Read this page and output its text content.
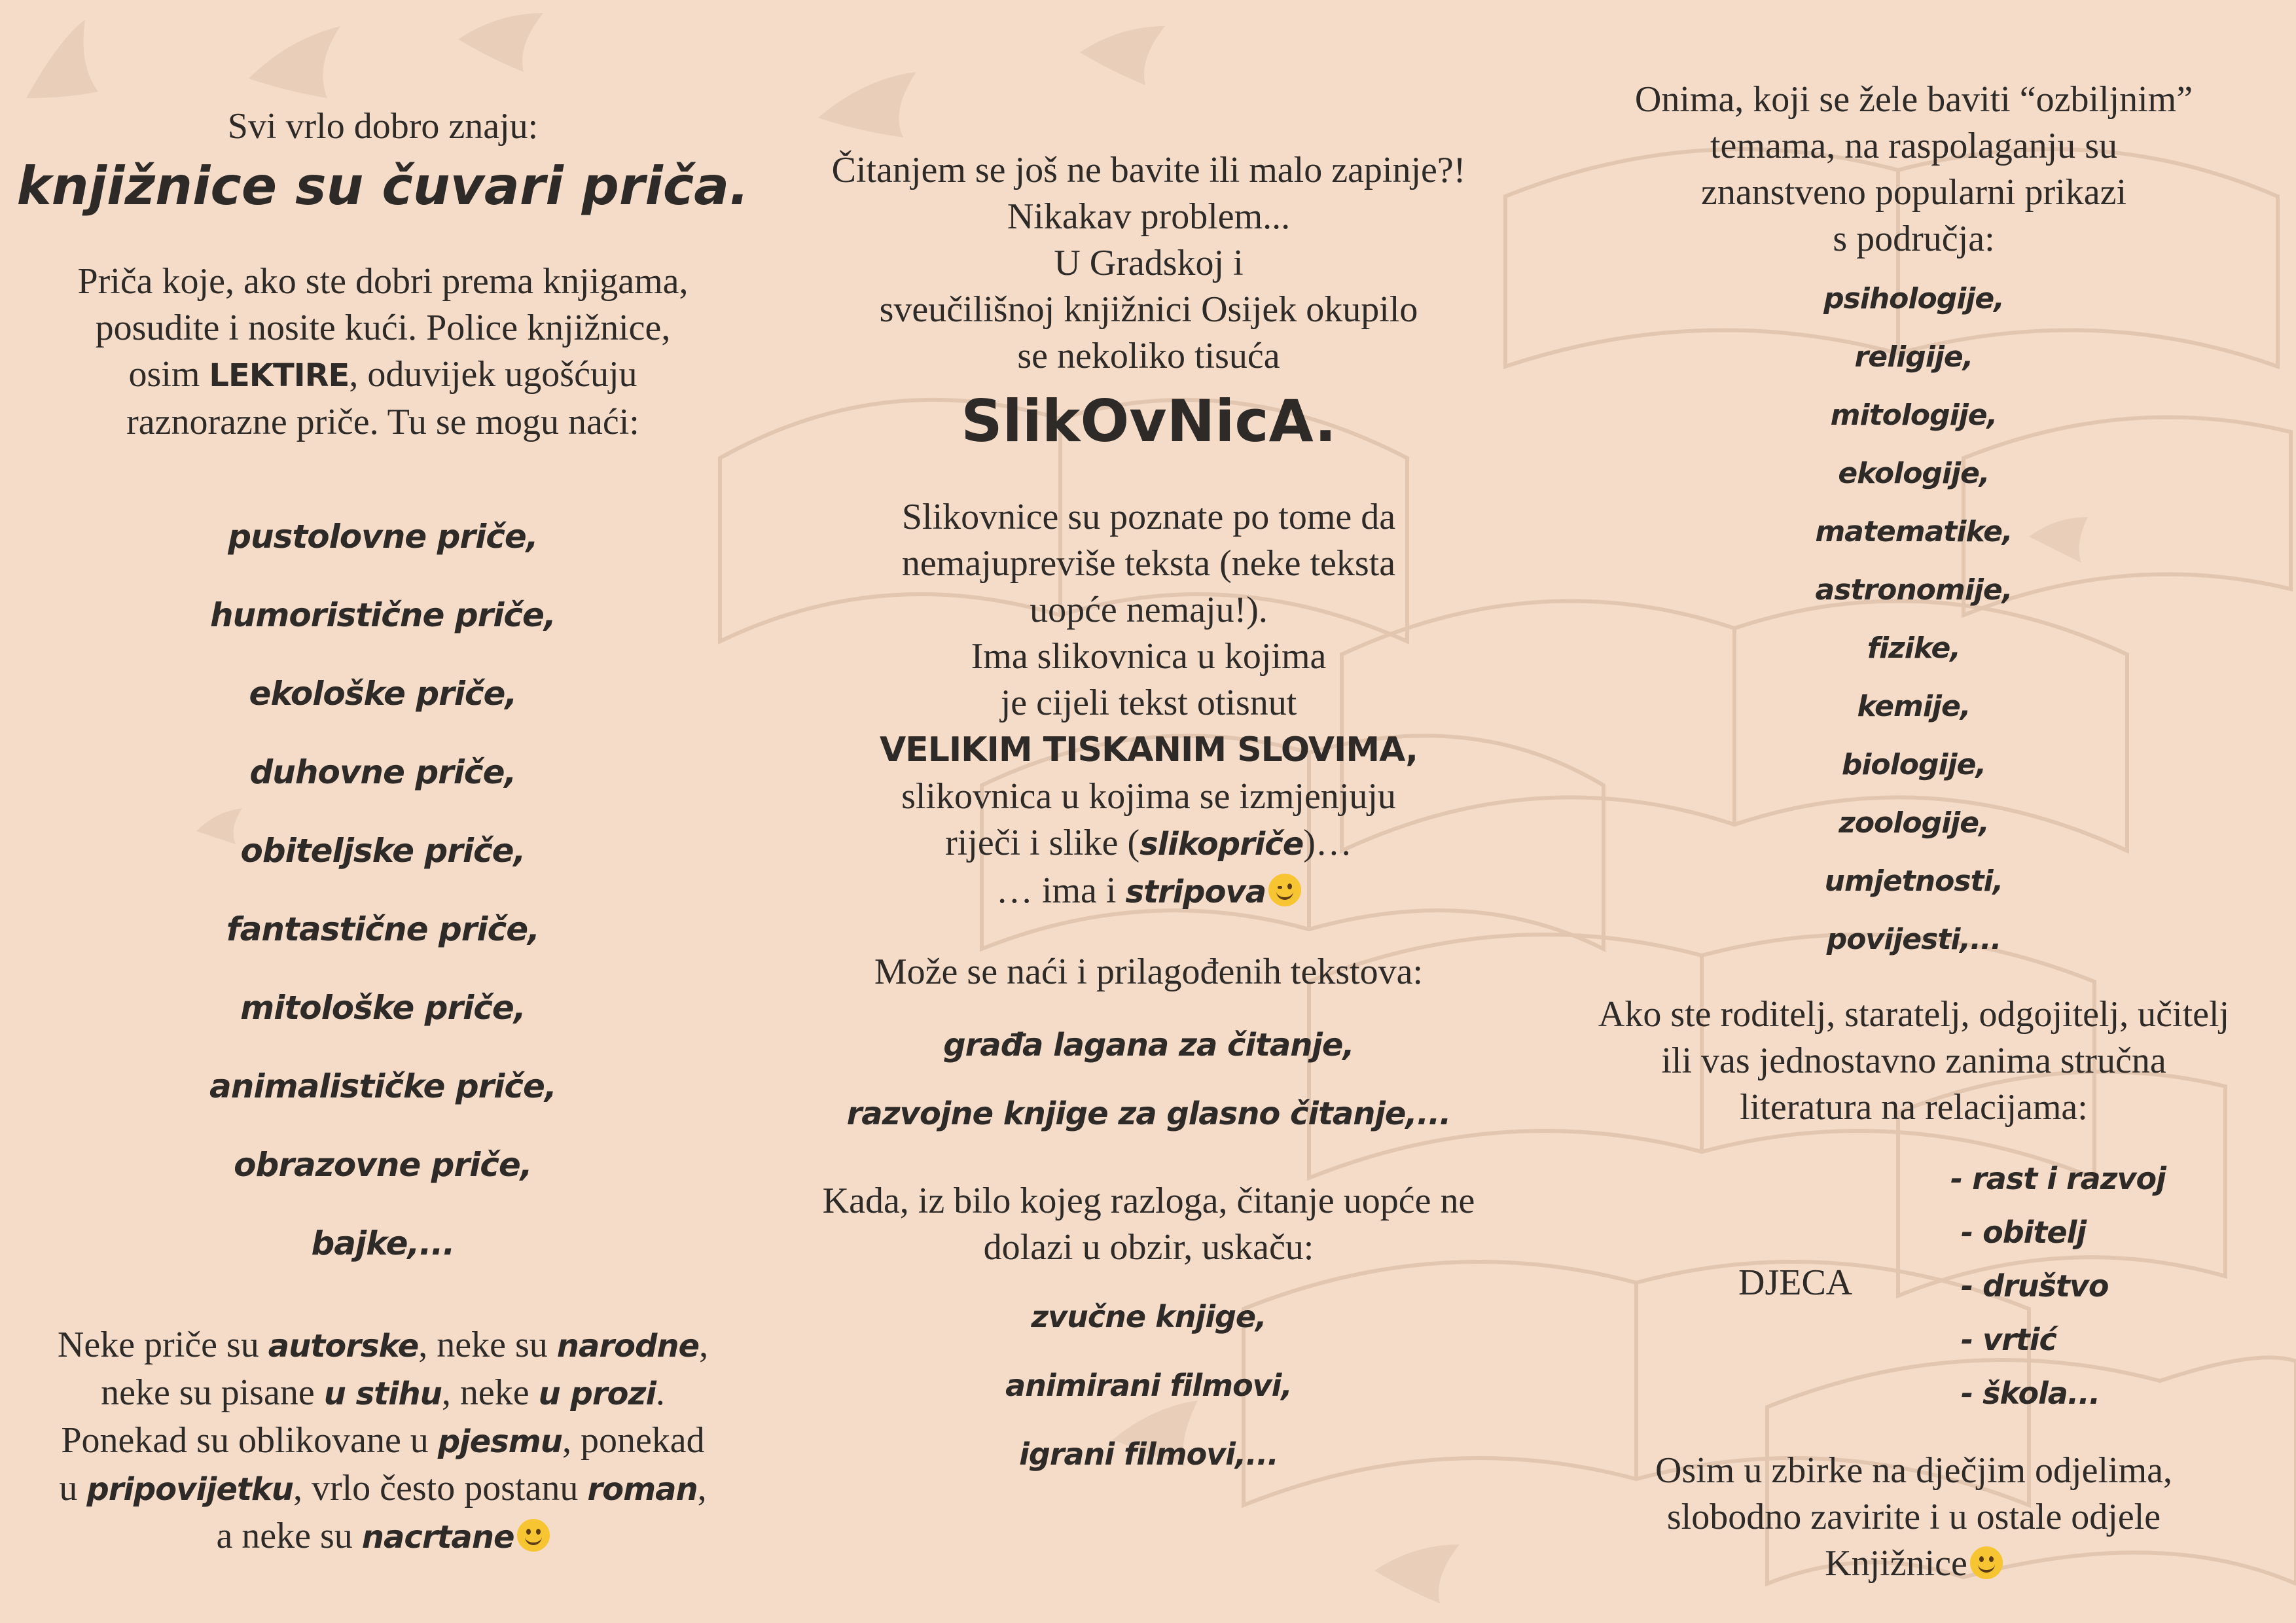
Svi vrlo dobro znaju:

knjižnice su čuvari priča.

Priča koje, ako ste dobri prema knjigama,

posudite i nosite kući. Police knjižnice,

osim LEKTIRE, oduvijek ugošćuju

raznorazne priče. Tu se mogu naći:

pustolovne priče,
humoristične priče,
ekološke priče,
duhovne priče,
obiteljske priče,
fantastične priče,
mitološke priče,
animalističke priče,
obrazovne priče,
bajke,...

Neke priče su autorske, neke su narodne,

neke su pisane u stihu, neke u prozi.

Ponekad su oblikovane u pjesmu, ponekad

u pripovijetku, vrlo često postanu roman,

a neke su nacrtane

Čitanjem se još ne bavite ili malo zapinje?!

Nikakav problem...

U Gradskoj i

sveučilišnoj knjižnici Osijek okupilo

se nekoliko tisuća

SlikOvNicA.

Slikovnice su poznate po tome da

nemajupreviše teksta (neke teksta

uopće nemaju!).

Ima slikovnica u kojima

je cijeli tekst otisnut

VELIKIM TISKANIM SLOVIMA,

slikovnica u kojima se izmjenjuju

riječi i slike (slikopriče)…

… ima i stripova

Može se naći i prilagođenih tekstova:

građa lagana za čitanje,
razvojne knjige za glasno čitanje,...

Kada, iz bilo kojeg razloga, čitanje uopće ne

dolazi u obzir, uskaču:

zvučne knjige,
animirani filmovi,
igrani filmovi,...

Onima, koji se žele baviti “ozbiljnim”

temama, na raspolaganju su

znanstveno popularni prikazi

s područja:

psihologije,
religije,
mitologije,
ekologije,
matematike,
astronomije,
fizike,
kemije,
biologije,
zoologije,
umjetnosti,
povijesti,...

Ako ste roditelj, staratelj, odgojitelj, učitelj

ili vas jednostavno zanima stručna

literatura na relacijama:

DJECA

- rast i razvoj
- obitelj
- društvo
- vrtić
- škola...

Osim u zbirke na dječjim odjelima,

slobodno zavirite i u ostale odjele

Knjižnice
